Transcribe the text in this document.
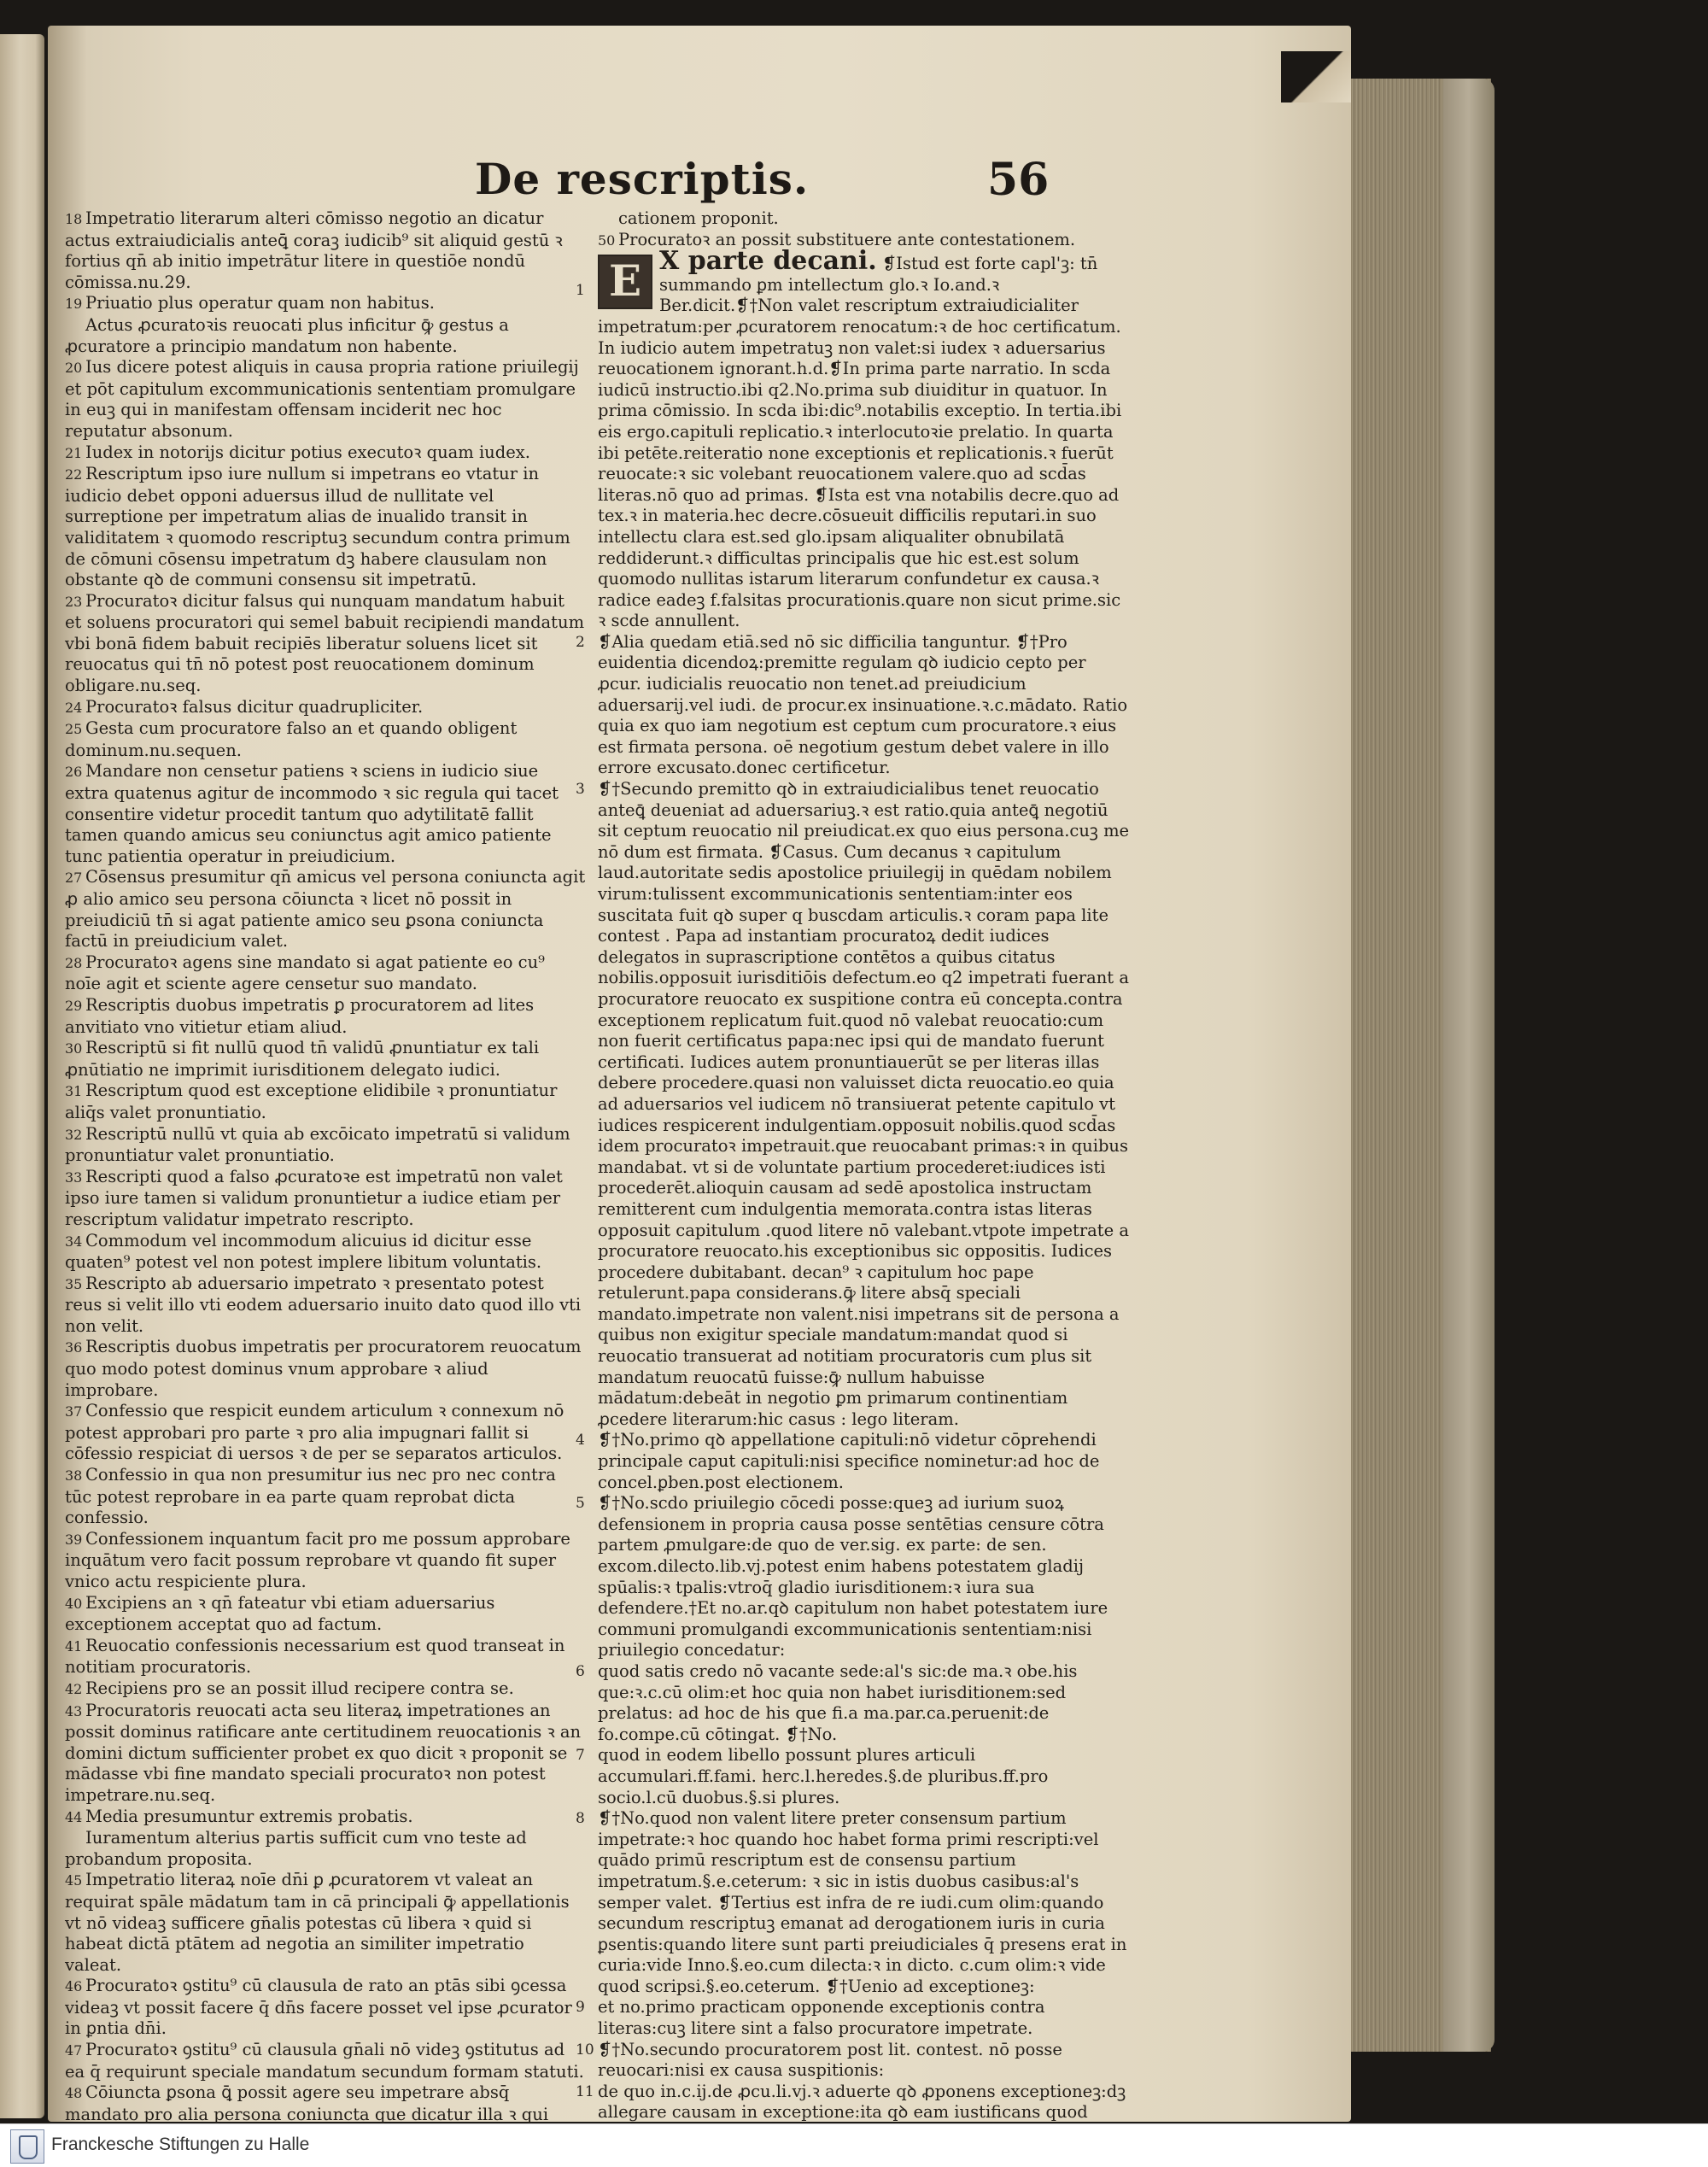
De rescriptis.	56
18 Impetratio literarum alteri cōmisso negotio an dicatur actus extraiudicialis anteꝗ̄ coraꝫ iudicib⁹ sit aliquid gestū ꝛ fortius qn̄ ab initio impetrātur litere in questiōe nondū cōmissa.nu.29.
19 Priuatio plus operatur quam non habitus.
Actus ꝓcuratoꝛis reuocati plus inficitur ꝙ̄ gestus a ꝓcuratore a principio mandatum non habente.
20 Ius dicere potest aliquis in causa propria ratione priuilegij et pōt capitulum excommunicationis sententiam promulgare in euꝫ qui in manifestam offensam inciderit nec hoc reputatur absonum.
21 Iudex in notorijs dicitur potius executoꝛ quam iudex.
22 Rescriptum ipso iure nullum si impetrans eo vtatur in iudicio debet opponi aduersus illud de nullitate vel surreptione per impetratum alias de inualido transit in validitatem ꝛ quomodo rescriptuꝫ secundum contra primum de cōmuni cōsensu impetratum dꝫ habere clausulam non obstante qꝺ de communi consensu sit impetratū.
23 Procuratoꝛ dicitur falsus qui nunquam mandatum habuit et soluens procuratori qui semel babuit recipiendi mandatum vbi bonā fidem babuit recipiēs liberatur soluens licet sit reuocatus qui tn̄ nō potest post reuocationem dominum obligare.nu.seq.
24 Procuratoꝛ falsus dicitur quadrupliciter.
25 Gesta cum procuratore falso an et quando obligent dominum.nu.sequen.
26 Mandare non censetur patiens ꝛ sciens in iudicio siue extra quatenus agitur de incommodo ꝛ sic regula qui tacet consentire videtur procedit tantum quo adytilitatē fallit tamen quando amicus seu coniunctus agit amico patiente tunc patientia operatur in preiudicium.
27 Cōsensus presumitur qn̄ amicus vel persona coniuncta agit ꝓ alio amico seu persona cōiuncta ꝛ licet nō possit in preiudiciū tn̄ si agat patiente amico seu ꝑsona coniuncta factū in preiudicium valet.
28 Procuratoꝛ agens sine mandato si agat patiente eo cu⁹ noīe agit et sciente agere censetur suo mandato.
29 Rescriptis duobus impetratis ꝑ procuratorem ad lites anvitiato vno vitietur etiam aliud.
30 Rescriptū si fit nullū quod tn̄ validū ꝓnuntiatur ex tali ꝓnūtiatio ne imprimit iurisditionem delegato iudici.
31 Rescriptum quod est exceptione elidibile ꝛ pronuntiatur aliq̄s valet pronuntiatio.
32 Rescriptū nullū vt quia ab excōicato impetratū si validum pronuntiatur valet pronuntiatio.
33 Rescripti quod a falso ꝓcuratoꝛe est impetratū non valet ipso iure tamen si validum pronuntietur a iudice etiam per rescriptum validatur impetrato rescripto.
34 Commodum vel incommodum alicuius id dicitur esse quaten⁹ potest vel non potest implere libitum voluntatis.
35 Rescripto ab aduersario impetrato ꝛ presentato potest reus si velit illo vti eodem aduersario inuito dato quod illo vti non velit.
36 Rescriptis duobus impetratis per procuratorem reuocatum quo modo potest dominus vnum approbare ꝛ aliud improbare.
37 Confessio que respicit eundem articulum ꝛ connexum nō potest approbari pro parte ꝛ pro alia impugnari fallit si cōfessio respiciat di uersos ꝛ de per se separatos articulos.
38 Confessio in qua non presumitur ius nec pro nec contra tūc potest reprobare in ea parte quam reprobat dicta confessio.
39 Confessionem inquantum facit pro me possum approbare inquātum vero facit possum reprobare vt quando fit super vnico actu respiciente plura.
40 Excipiens an ꝛ qn̄ fateatur vbi etiam aduersarius exceptionem acceptat quo ad factum.
41 Reuocatio confessionis necessarium est quod transeat in notitiam procuratoris.
42 Recipiens pro se an possit illud recipere contra se.
43 Procuratoris reuocati acta seu literaꝝ impetrationes an possit dominus ratificare ante certitudinem reuocationis ꝛ an domini dictum sufficienter probet ex quo dicit ꝛ proponit se mādasse vbi fine mandato speciali procuratoꝛ non potest impetrare.nu.seq.
44 Media presumuntur extremis probatis.
Iuramentum alterius partis sufficit cum vno teste ad probandum proposita.
45 Impetratio literaꝝ noīe dn̄i ꝑ ꝓcuratorem vt valeat an requirat spāle mādatum tam in cā principali ꝙ̄ appellationis vt nō videaꝫ sufficere gn̄alis potestas cū libera ꝛ quid si habeat dictā ptātem ad negotia an similiter impetratio valeat.
46 Procuratoꝛ ꝯstitu⁹ cū clausula de rato an ptās sibi ꝯcessa videaꝫ vt possit facere q̄ dn̄s facere posset vel ipse ꝓcurator in ꝑntia dn̄i.
47 Procuratoꝛ ꝯstitu⁹ cū clausula gn̄ali nō videꝫ ꝯstitutus ad ea q̄ requirunt speciale mandatum secundum formam statuti.
48 Cōiuncta ꝑsona ꝗ̄ possit agere seu impetrare absq̄ mandato pro alia persona coniuncta que dicatur illa ꝛ qui
cationem proponit.
50 Procuratoꝛ an possit substituere ante contestationem.
1 E X parte decani. ❡Istud est forte capl'ꝫ: tn̄ summando ꝑm intellectum glo.ꝛ Io.and.ꝛ Ber.dicit.❡†Non valet rescriptum extraiudicialiter impetratum:per ꝓcuratorem renocatum:ꝛ de hoc certificatum. In iudicio autem impetratuꝫ non valet:si iudex ꝛ aduersarius reuocationem ignorant.h.d.❡In prima parte narratio. In scda iudicū instructio.ibi q2.No.prima sub diuiditur in quatuor. In prima cōmissio. In scda ibi:dic⁹.notabilis exceptio. In tertia.ibi eis ergo.capituli replicatio.ꝛ interlocutoꝛie prelatio. In quarta ibi petēte.reiteratio none exceptionis et replicationis.ꝛ fuerūt reuocate:ꝛ sic volebant reuocationem valere.quo ad scd̄as literas.nō quo ad primas. ❡Ista est vna notabilis decre.quo ad tex.ꝛ in materia.hec decre.cōsueuit difficilis reputari.in suo intellectu clara est.sed glo.ipsam aliqualiter obnubilatā reddiderunt.ꝛ difficultas principalis que hic est.est solum quomodo nullitas istarum literarum confundetur ex causa.ꝛ radice eadeꝫ f.falsitas procurationis.quare non sicut prime.sic ꝛ scde annullent.
2 ❡Alia quedam etiā.sed nō sic difficilia tanguntur. ❡†Pro euidentia dicendoꝝ:premitte regulam qꝺ iudicio cepto per ꝓcur. iudicialis reuocatio non tenet.ad preiudicium aduersarij.vel iudi. de procur.ex insinuatione.ꝛ.c.mādato. Ratio quia ex quo iam negotium est ceptum cum procuratore.ꝛ eius est firmata persona. oē negotium gestum debet valere in illo errore excusato.donec certificetur.
3 ❡†Secundo premitto qꝺ in extraiudicialibus tenet reuocatio anteꝗ̄ deueniat ad aduersariuꝫ.ꝛ est ratio.quia anteꝗ̄ negotiū sit ceptum reuocatio nil preiudicat.ex quo eius persona.cuꝫ me nō dum est firmata. ❡Casus. Cum decanus ꝛ capitulum laud.autoritate sedis apostolice priuilegij in quēdam nobilem virum:tulissent excommunicationis sententiam:inter eos suscitata fuit qꝺ super q buscdam articulis.ꝛ coram papa lite contest . Papa ad instantiam procuratoꝝ dedit iudices delegatos in suprascriptione contētos a quibus citatus nobilis.opposuit iurisditiōis defectum.eo q2 impetrati fuerant a procuratore reuocato ex suspitione contra eū concepta.contra exceptionem replicatum fuit.quod nō valebat reuocatio:cum non fuerit certificatus papa:nec ipsi qui de mandato fuerunt certificati. Iudices autem pronuntiauerūt se per literas illas debere procedere.quasi non valuisset dicta reuocatio.eo quia ad aduersarios vel iudicem nō transiuerat petente capitulo vt iudices respicerent indulgentiam.opposuit nobilis.quod scd̄as idem procuratoꝛ impetrauit.que reuocabant primas:ꝛ in quibus mandabat. vt si de voluntate partium procederet:iudices isti procederēt.alioquin causam ad sedē apostolica instructam remitterent cum indulgentia memorata.contra istas literas opposuit capitulum .quod litere nō valebant.vtpote impetrate a procuratore reuocato.his exceptionibus sic oppositis. Iudices procedere dubitabant. decan⁹ ꝛ capitulum hoc pape retulerunt.papa considerans.ꝙ̄ litere absq̄ speciali mandato.impetrate non valent.nisi impetrans sit de persona a quibus non exigitur speciale mandatum:mandat quod si reuocatio transuerat ad notitiam procuratoris cum plus sit mandatum reuocatū fuisse:ꝙ̄ nullum habuisse mādatum:debeāt in negotio ꝑm primarum continentiam ꝓcedere literarum:hic casus : lego literam.
4 ❡†No.primo qꝺ appellatione capituli:nō videtur cōprehendi principale caput capituli:nisi specifice nominetur:ad hoc de concel.ꝑben.post electionem.
5 ❡†No.scdo priuilegio cōcedi posse:queꝫ ad iurium suoꝝ defensionem in propria causa posse sentētias censure cōtra partem ꝓmulgare:de quo de ver.sig. ex parte: de sen. excom.dilecto.lib.vj.potest enim habens potestatem gladij spūalis:ꝛ tpalis:vtroq̄ gladio iurisditionem:ꝛ iura sua defendere.†Et no.ar.qꝺ capitulum non habet potestatem iure communi promulgandi excommunicationis sententiam:nisi priuilegio concedatur:
6 quod satis credo nō vacante sede:al's sic:de ma.ꝛ obe.his que:ꝛ.c.cū olim:et hoc quia non habet iurisditionem:sed prelatus: ad hoc de his que fi.a ma.par.ca.peruenit:de fo.compe.cū cōtingat. ❡†No.
7 quod in eodem libello possunt plures articuli accumulari.ff.fami. herc.l.heredes.§.de pluribus.ff.pro socio.l.cū duobus.§.si plures.
8 ❡†No.quod non valent litere preter consensum partium impetrate:ꝛ hoc quando hoc habet forma primi rescripti:vel quādo primū rescriptum est de consensu partium impetratum.§.e.ceterum: ꝛ sic in istis duobus casibus:al's semper valet. ❡Tertius est infra de re iudi.cum olim:quando secundum rescriptuꝫ emanat ad derogationem iuris in curia ꝑsentis:quando litere sunt parti preiudiciales q̄ presens erat in curia:vide Inno.§.eo.cum dilecta:ꝛ in dicto. c.cum olim:ꝛ vide quod scripsi.§.eo.ceterum. ❡†Uenio ad exceptioneꝫ:
9 et no.primo practicam opponende exceptionis contra literas:cuꝫ litere sint a falso procuratore impetrate.
10 ❡†No.secundo procuratorem post lit. contest. nō posse reuocari:nisi ex causa suspitionis:
11 de quo in.c.ij.de ꝓcu.li.vj.ꝛ aduerte qꝺ ꝓponens exceptioneꝫ:dꝫ allegare causam in exceptione:ita qꝺ eam iustificans quod
Franckesche Stiftungen zu Halle
